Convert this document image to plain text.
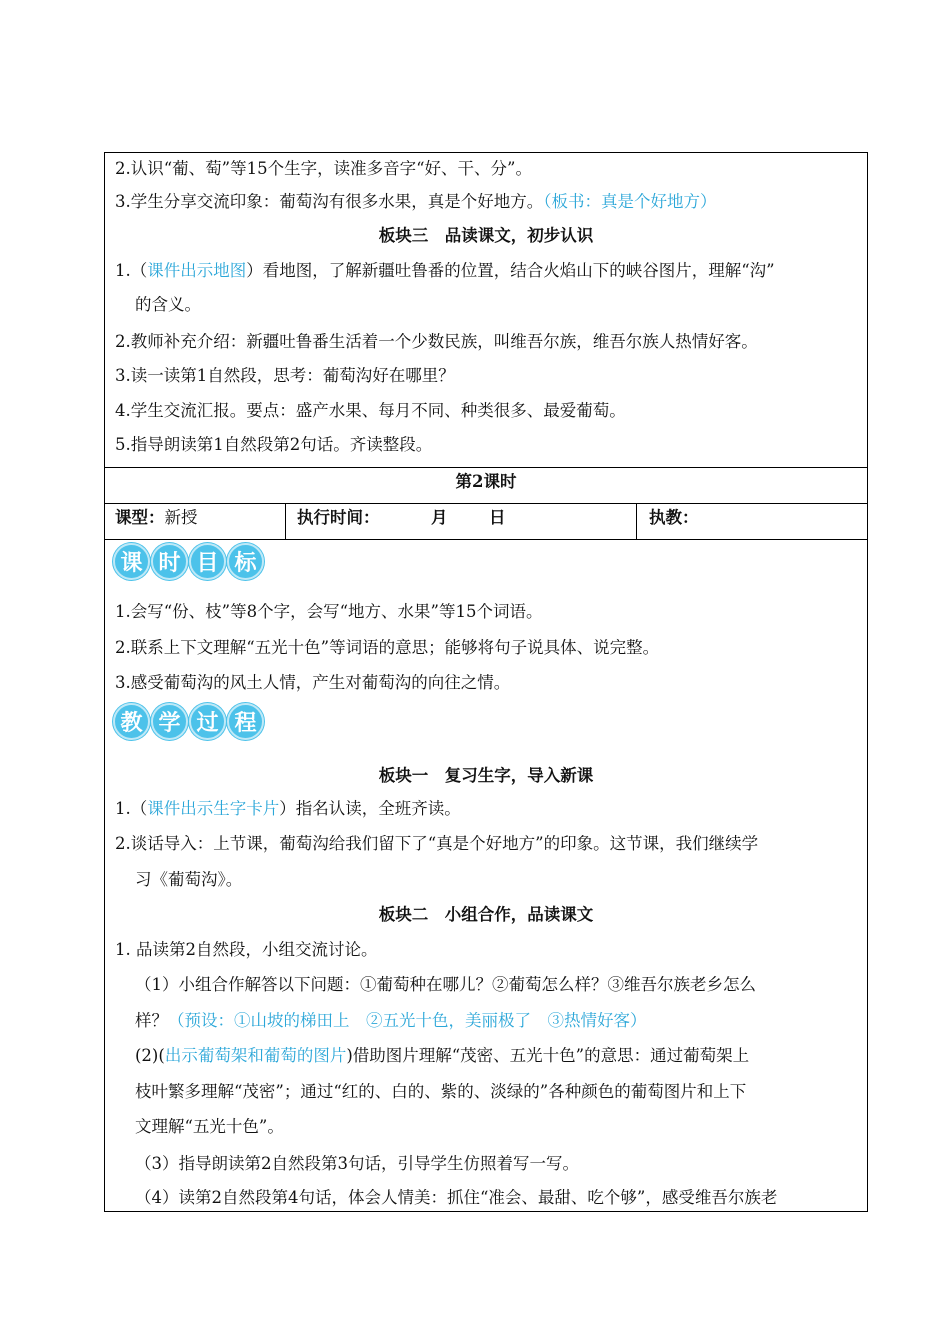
2.认识“葡、萄”等15个生字，读准多音字“好、干、分”。
3.学生分享交流印象：葡萄沟有很多水果，真是个好地方。（板书：真是个好地方）
板块三　品读课文，初步认识
1.（课件出示地图）看地图，了解新疆吐鲁番的位置，结合火焰山下的峡谷图片，理解“沟”
的含义。
2.教师补充介绍：新疆吐鲁番生活着一个少数民族，叫维吾尔族，维吾尔族人热情好客。
3.读一读第1自然段，思考：葡萄沟好在哪里？
4.学生交流汇报。要点：盛产水果、每月不同、种类很多、最爱葡萄。
5.指导朗读第1自然段第2句话。齐读整段。
第2课时
课型：新授	执行时间：	月	日	执教：
课 时 目 标
1.会写“份、枝”等8个字，会写“地方、水果”等15个词语。
2.联系上下文理解“五光十色”等词语的意思；能够将句子说具体、说完整。
3.感受葡萄沟的风土人情，产生对葡萄沟的向往之情。
教 学 过 程
板块一　复习生字，导入新课
1.（课件出示生字卡片）指名认读，全班齐读。
2.谈话导入：上节课，葡萄沟给我们留下了“真是个好地方”的印象。这节课，我们继续学
习《葡萄沟》。
板块二　小组合作，品读课文
1. 品读第2自然段，小组交流讨论。
（1）小组合作解答以下问题：①葡萄种在哪儿？②葡萄怎么样？③维吾尔族老乡怎么
样？（预设：①山坡的梯田上　②五光十色，美丽极了　③热情好客）
(2)(出示葡萄架和葡萄的图片)借助图片理解“茂密、五光十色”的意思：通过葡萄架上
枝叶繁多理解“茂密”；通过“红的、白的、紫的、淡绿的”各种颜色的葡萄图片和上下
文理解“五光十色”。
（3）指导朗读第2自然段第3句话，引导学生仿照着写一写。
（4）读第2自然段第4句话，体会人情美：抓住“准会、最甜、吃个够”，感受维吾尔族老
